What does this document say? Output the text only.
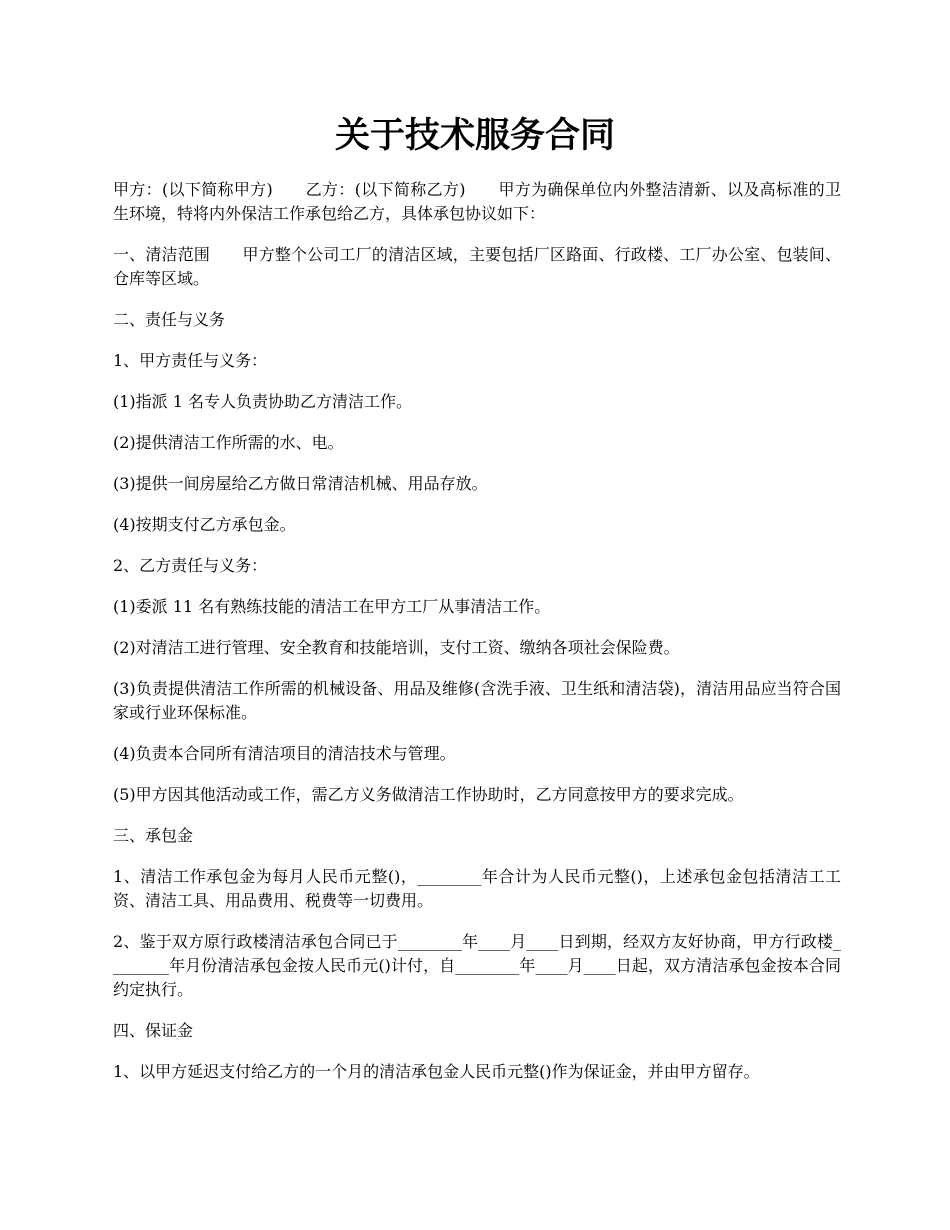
关于技术服务合同

甲方：(以下简称甲方)　　乙方：(以下简称乙方)　　甲方为确保单位内外整洁清新、以及高标准的卫生环境，特将内外保洁工作承包给乙方，具体承包协议如下：

一、清洁范围　　甲方整个公司工厂的清洁区域，主要包括厂区路面、行政楼、工厂办公室、包装间、仓库等区域。

二、责任与义务

1、甲方责任与义务：

(1)指派 1 名专人负责协助乙方清洁工作。

(2)提供清洁工作所需的水、电。

(3)提供一间房屋给乙方做日常清洁机械、用品存放。

(4)按期支付乙方承包金。

2、乙方责任与义务：

(1)委派 11 名有熟练技能的清洁工在甲方工厂从事清洁工作。

(2)对清洁工进行管理、安全教育和技能培训，支付工资、缴纳各项社会保险费。

(3)负责提供清洁工作所需的机械设备、用品及维修(含洗手液、卫生纸和清洁袋)，清洁用品应当符合国家或行业环保标准。

(4)负责本合同所有清洁项目的清洁技术与管理。

(5)甲方因其他活动或工作，需乙方义务做清洁工作协助时，乙方同意按甲方的要求完成。

三、承包金

1、清洁工作承包金为每月人民币元整()，________年合计为人民币元整()，上述承包金包括清洁工工资、清洁工具、用品费用、税费等一切费用。

2、鉴于双方原行政楼清洁承包合同已于________年____月____日到期，经双方友好协商，甲方行政楼________年月份清洁承包金按人民币元()计付，自________年____月____日起，双方清洁承包金按本合同约定执行。

四、保证金

1、以甲方延迟支付给乙方的一个月的清洁承包金人民币元整()作为保证金，并由甲方留存。
